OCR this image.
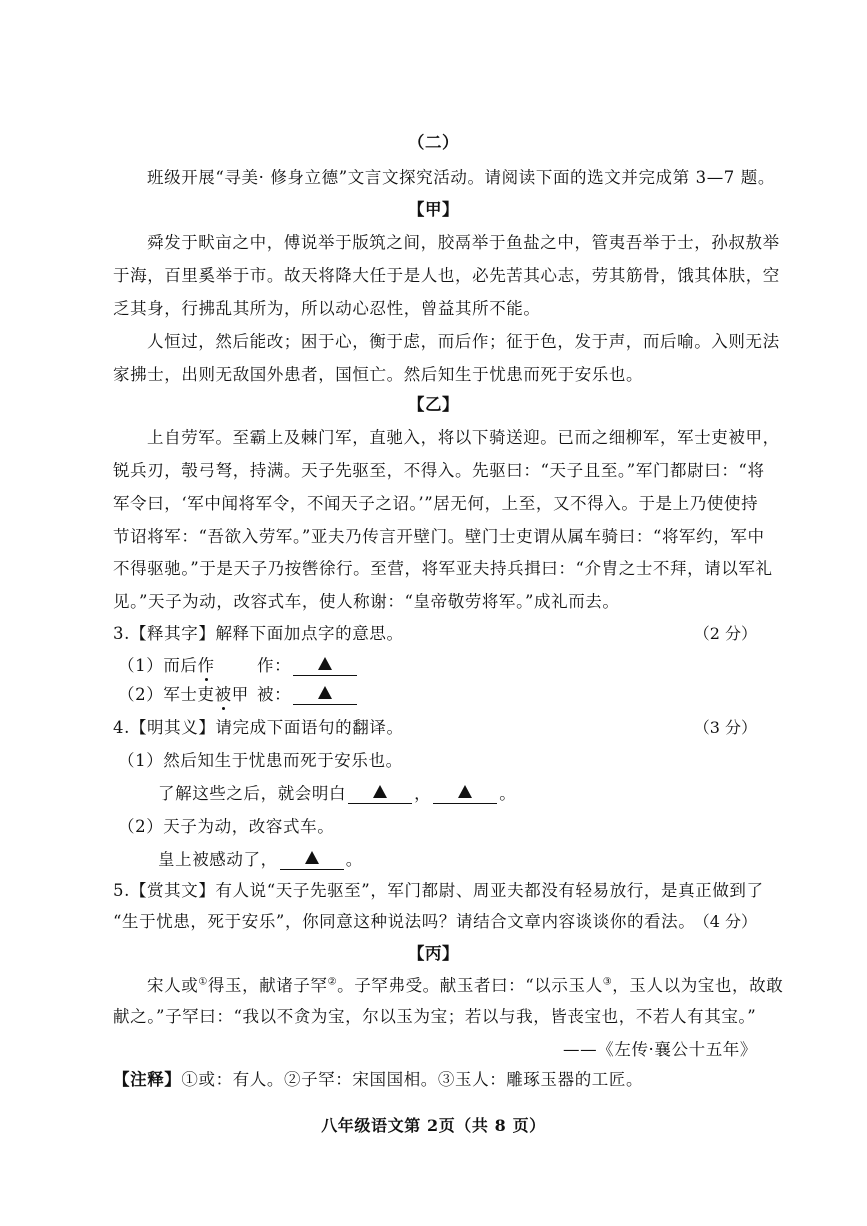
（二）
班级开展“寻美· 修身立德”文言文探究活动。请阅读下面的选文并完成第 3—7 题。
【甲】
舜发于畎亩之中，傅说举于版筑之间，胶鬲举于鱼盐之中，管夷吾举于士，孙叔敖举
于海，百里奚举于市。故天将降大任于是人也，必先苦其心志，劳其筋骨，饿其体肤，空
乏其身，行拂乱其所为，所以动心忍性，曾益其所不能。
人恒过，然后能改；困于心，衡于虑，而后作；征于色，发于声，而后喻。入则无法
家拂士，出则无敌国外患者，国恒亡。然后知生于忧患而死于安乐也。
【乙】
上自劳军。至霸上及棘门军，直驰入，将以下骑送迎。已而之细柳军，军士吏被甲，
锐兵刃，彀弓弩，持满。天子先驱至，不得入。先驱曰：“天子且至。”军门都尉曰：“将
军令曰，‘军中闻将军令，不闻天子之诏。’”居无何，上至，又不得入。于是上乃使使持
节诏将军：“吾欲入劳军。”亚夫乃传言开壁门。壁门士吏谓从属车骑曰：“将军约，军中
不得驱驰。”于是天子乃按辔徐行。至营，将军亚夫持兵揖曰：“介胄之士不拜，请以军礼
见。”天子为动，改容式车，使人称谢：“皇帝敬劳将军。”成礼而去。
3.【释其字】解释下面加点字的意思。	（2 分）
（1）而后作	作：
（2）军士吏被甲 被：
4.【明其义】请完成下面语句的翻译。	（3 分）
（1）然后知生于忧患而死于安乐也。
了解这些之后，就会明白	，	。
（2）天子为动，改容式车。
皇上被感动了，	。
5.【赏其文】有人说“天子先驱至”，军门都尉、周亚夫都没有轻易放行，是真正做到了
“生于忧患，死于安乐”，你同意这种说法吗？请结合文章内容谈谈你的看法。
（4 分）
【丙】
宋人或①得玉，献诸子罕②。子罕弗受。献玉者曰：“以示玉人③，玉人以为宝也，故敢
献之。”子罕曰：“我以不贪为宝，尔以玉为宝；若以与我，皆丧宝也，不若人有其宝。”
——《左传·襄公十五年》
【注释】①或：有人。②子罕：宋国国相。③玉人：雕琢玉器的工匠。
八年级语文第 2页（共 8 页）
